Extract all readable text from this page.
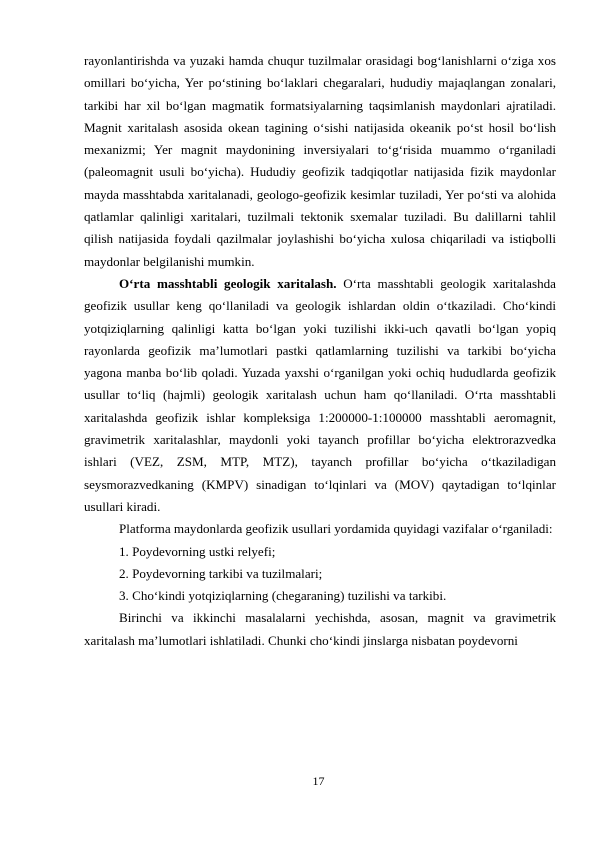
rayonlantirishda va yuzaki hamda chuqur tuzilmalar orasidagi bog‘lanishlarni o‘ziga xos omillari bo‘yicha, Yer po‘stining bo‘laklari chegaralari, hududiy majaqlangan zonalari, tarkibi har xil bo‘lgan magmatik formatsiyalarning taqsimlanish maydonlari ajratiladi. Magnit xaritalash asosida okean tagining o‘sishi natijasida okeanik po‘st hosil bo‘lish mexanizmi; Yer magnit maydonining inversiyalari to‘g‘risida muammo o‘rganiladi (paleomagnit usuli bo‘yicha). Hududiy geofizik tadqiqotlar natijasida fizik maydonlar mayda masshtabda xaritalanadi, geologo-geofizik kesimlar tuziladi, Yer po‘sti va alohida qatlamlar qalinligi xaritalari, tuzilmali tektonik sxemalar tuziladi. Bu dalillarni tahlil qilish natijasida foydali qazilmalar joylashishi bo‘yicha xulosa chiqariladi va istiqbolli maydonlar belgilanishi mumkin.

O‘rta masshtabli geologik xaritalash. O‘rta masshtabli geologik xaritalashda geofizik usullar keng qo‘llaniladi va geologik ishlardan oldin o‘tkaziladi. Cho‘kindi yotqiziqlarning qalinligi katta bo‘lgan yoki tuzilishi ikki-uch qavatli bo‘lgan yopiq rayonlarda geofizik ma’lumotlari pastki qatlamlarning tuzilishi va tarkibi bo‘yicha yagona manba bo‘lib qoladi. Yuzada yaxshi o‘rganilgan yoki ochiq hududlarda geofizik usullar to‘liq (hajmli) geologik xaritalash uchun ham qo‘llaniladi. O‘rta masshtabli xaritalashda geofizik ishlar kompleksiga 1:200000-1:100000 masshtabli aeromagnit, gravimetrik xaritalashlar, maydonli yoki tayanch profillar bo‘yicha elektrorazvedka ishlari (VEZ, ZSM, MTP, MTZ), tayanch profillar bo‘yicha o‘tkaziladigan seysmorazvedkaning (KMPV) sinadigan to‘lqinlari va (MOV) qaytadigan to‘lqinlar usullari kiradi.

Platforma maydonlarda geofizik usullari yordamida quyidagi vazifalar o‘rganiladi:

1. Poydevorning ustki relyefi;

2. Poydevorning tarkibi va tuzilmalari;

3. Cho‘kindi yotqiziqlarning (chegaraning) tuzilishi va tarkibi.

Birinchi va ikkinchi masalalarni yechishda, asosan, magnit va gravimetrik xaritalash ma’lumotlari ishlatiladi. Chunki cho‘kindi jinslarga nisbatan poydevorni

17
